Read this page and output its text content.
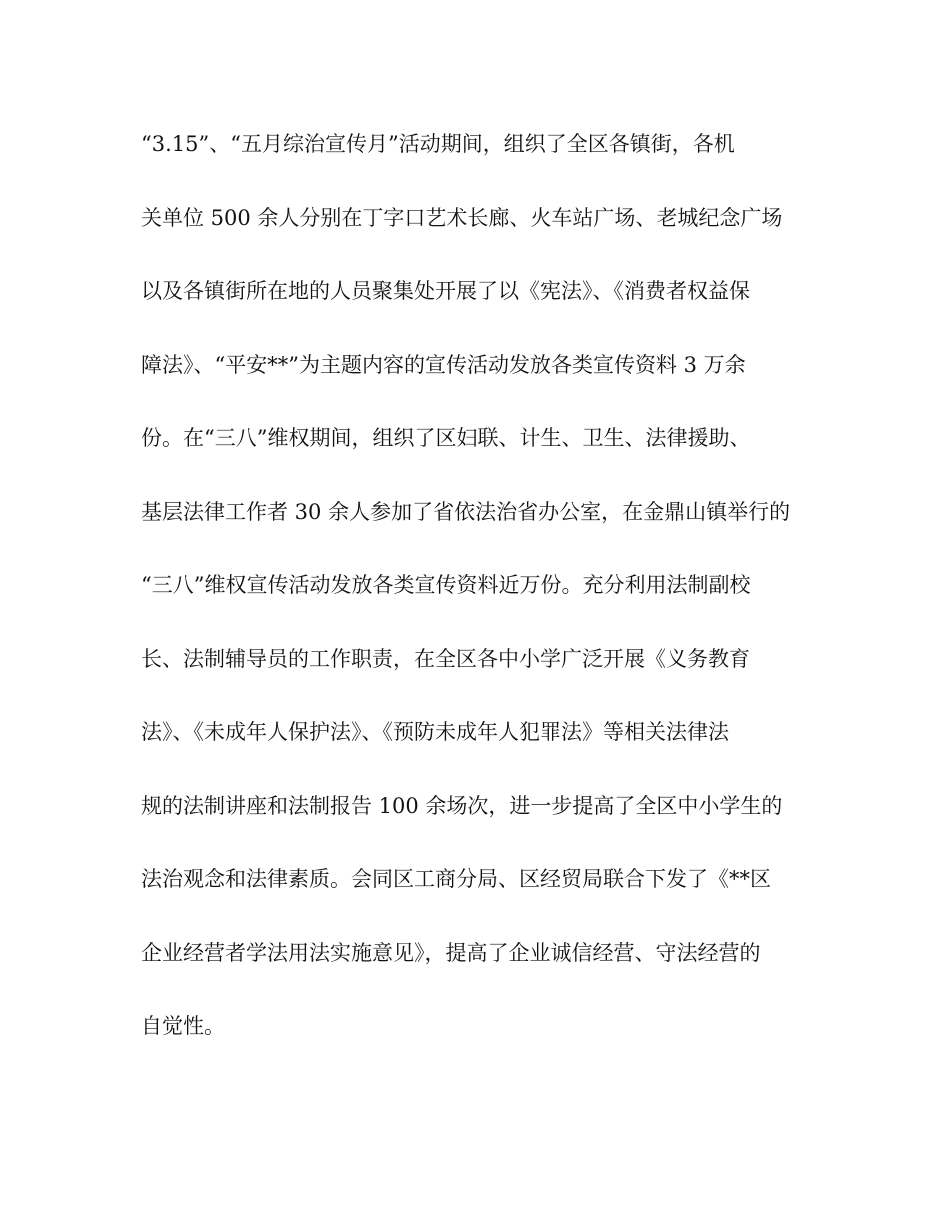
“3.15”、“五月综治宣传月”活动期间，组织了全区各镇街，各机
关单位 500 余人分别在丁字口艺术长廊、火车站广场、老城纪念广场
以及各镇街所在地的人员聚集处开展了以《宪法》、《消费者权益保
障法》、“平安**”为主题内容的宣传活动发放各类宣传资料 3 万余
份。在“三八”维权期间，组织了区妇联、计生、卫生、法律援助、
基层法律工作者 30 余人参加了省依法治省办公室，在金鼎山镇举行的
“三八”维权宣传活动发放各类宣传资料近万份。充分利用法制副校
长、法制辅导员的工作职责，在全区各中小学广泛开展《义务教育
法》、《未成年人保护法》、《预防未成年人犯罪法》等相关法律法
规的法制讲座和法制报告 100 余场次，进一步提高了全区中小学生的
法治观念和法律素质。会同区工商分局、区经贸局联合下发了《**区
企业经营者学法用法实施意见》，提高了企业诚信经营、守法经营的
自觉性。
